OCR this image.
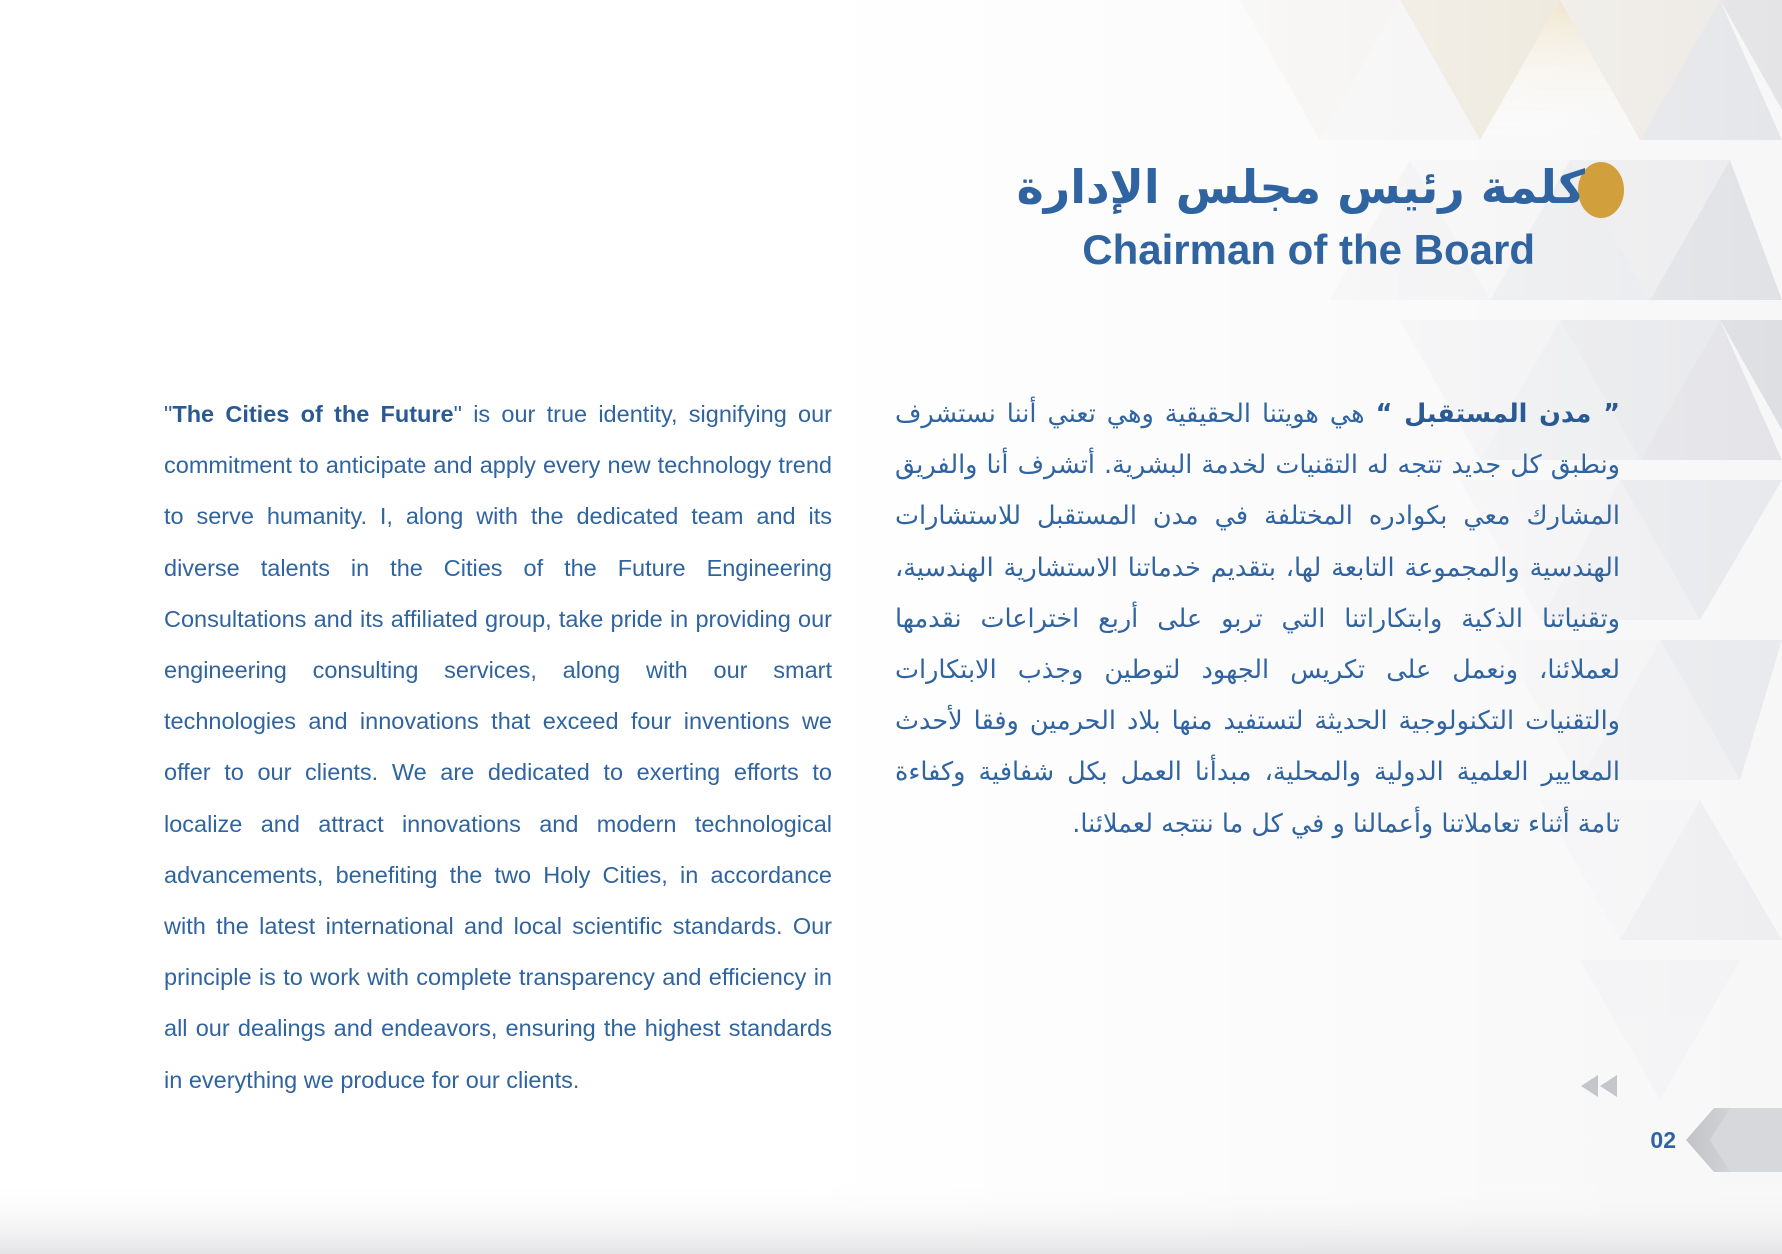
كلمة رئيس مجلس الإدارة
Chairman of the Board
"The Cities of the Future" is our true identity, signifying our commitment to anticipate and apply every new technology trend to serve humanity. I, along with the dedicated team and its diverse talents in the Cities of the Future Engineering Consultations and its affiliated group, take pride in providing our engineering consulting services, along with our smart technologies and innovations that exceed four inventions we offer to our clients. We are dedicated to exerting efforts to localize and attract innovations and modern technological advancements, benefiting the two Holy Cities, in accordance with the latest international and local scientific standards. Our principle is to work with complete transparency and efficiency in all our dealings and endeavors, ensuring the highest standards in everything we produce for our clients.
” مدن المستقبل “ هي هويتنا الحقيقية وهي تعني أننا نستشرف ونطبق كل جديد تتجه له التقنيات لخدمة البشرية. أتشرف أنا والفريق المشارك معي بكوادره المختلفة في مدن المستقبل للاستشارات الهندسية والمجموعة التابعة لها، بتقديم خدماتنا الاستشارية الهندسية، وتقنياتنا الذكية وابتكاراتنا التي تربو على أربع اختراعات نقدمها لعملائنا، ونعمل على تكريس الجهود لتوطين وجذب الابتكارات والتقنيات التكنولوجية الحديثة لتستفيد منها بلاد الحرمين وفقا لأحدث المعايير العلمية الدولية والمحلية، مبدأنا العمل بكل شفافية وكفاءة تامة أثناء تعاملاتنا وأعمالنا و في كل ما ننتجه لعملائنا.
02
